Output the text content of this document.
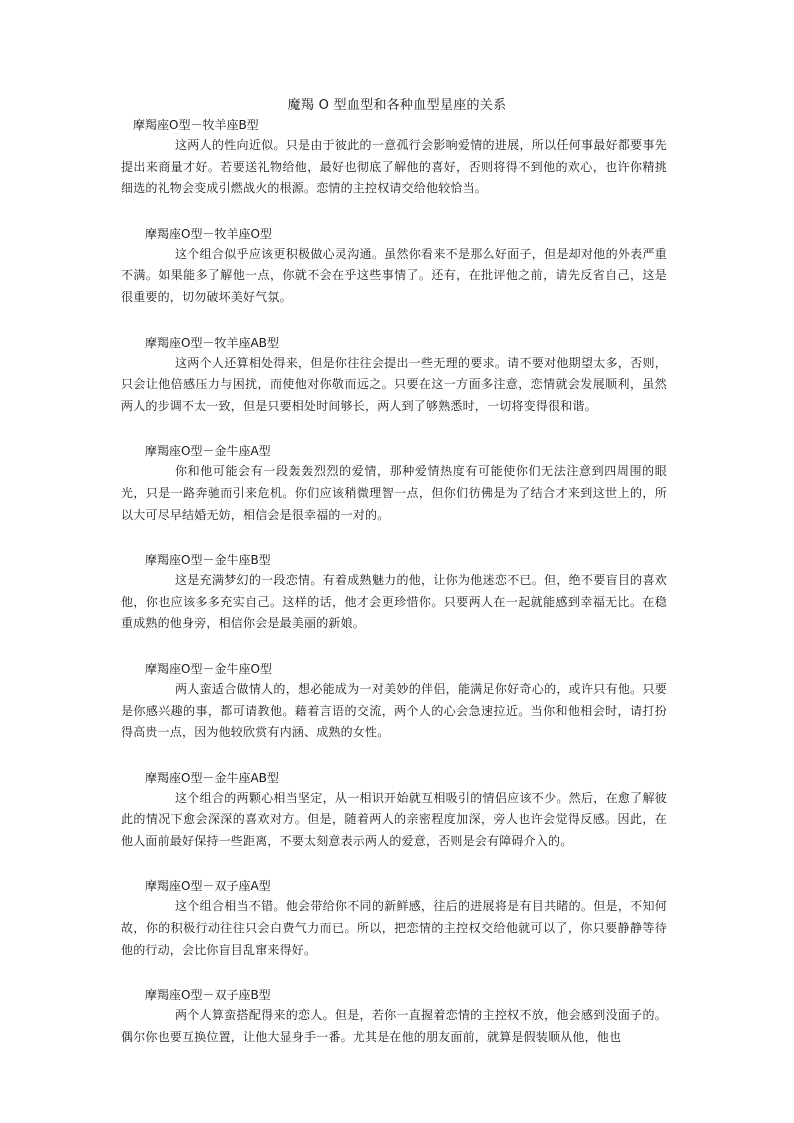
魔羯 O 型血型和各种血型星座的关系
摩羯座O型－牧羊座B型

这两人的性向近似。只是由于彼此的一意孤行会影响爱情的进展，所以任何事最好都要事先提出来商量才好。若要送礼物给他，最好也彻底了解他的喜好，否则将得不到他的欢心，也许你精挑细选的礼物会变成引燃战火的根源。恋情的主控权请交给他较恰当。

摩羯座O型－牧羊座O型

这个组合似乎应该更积极做心灵沟通。虽然你看来不是那么好面子，但是却对他的外表严重不满。如果能多了解他一点，你就不会在乎这些事情了。还有，在批评他之前，请先反省自己，这是很重要的，切勿破坏美好气氛。

摩羯座O型－牧羊座AB型

这两个人还算相处得来，但是你往往会提出一些无理的要求。请不要对他期望太多，否则，只会让他倍感压力与困扰，而使他对你敬而远之。只要在这一方面多注意，恋情就会发展顺利，虽然两人的步调不太一致，但是只要相处时间够长，两人到了够熟悉时，一切将变得很和谐。

摩羯座O型－金牛座A型

你和他可能会有一段轰轰烈烈的爱情，那种爱情热度有可能使你们无法注意到四周围的眼光，只是一路奔驰而引来危机。你们应该稍微理智一点，但你们彷佛是为了结合才来到这世上的，所以大可尽早结婚无妨，相信会是很幸福的一对的。

摩羯座O型－金牛座B型

这是充满梦幻的一段恋情。有着成熟魅力的他，让你为他迷恋不已。但，绝不要盲目的喜欢他，你也应该多多充实自己。这样的话，他才会更珍惜你。只要两人在一起就能感到幸福无比。在稳重成熟的他身旁，相信你会是最美丽的新娘。

摩羯座O型－金牛座O型

两人蛮适合做情人的，想必能成为一对美妙的伴侣，能满足你好奇心的，或许只有他。只要是你感兴趣的事，都可请教他。藉着言语的交流，两个人的心会急速拉近。当你和他相会时，请打扮得高贵一点，因为他较欣赏有内涵、成熟的女性。

摩羯座O型－金牛座AB型

这个组合的两颗心相当坚定，从一相识开始就互相吸引的情侣应该不少。然后，在愈了解彼此的情况下愈会深深的喜欢对方。但是，随着两人的亲密程度加深，旁人也许会觉得反感。因此，在他人面前最好保持一些距离，不要太刻意表示两人的爱意，否则是会有障碍介入的。

摩羯座O型－双子座A型

这个组合相当不错。他会带给你不同的新鲜感，往后的进展将是有目共睹的。但是，不知何故，你的积极行动往往只会白费气力而已。所以，把恋情的主控权交给他就可以了，你只要静静等待他的行动，会比你盲目乱窜来得好。

摩羯座O型－双子座B型

两个人算蛮搭配得来的恋人。但是，若你一直握着恋情的主控权不放，他会感到没面子的。偶尔你也要互换位置，让他大显身手一番。尤其是在他的朋友面前，就算是假装顺从他，他也
